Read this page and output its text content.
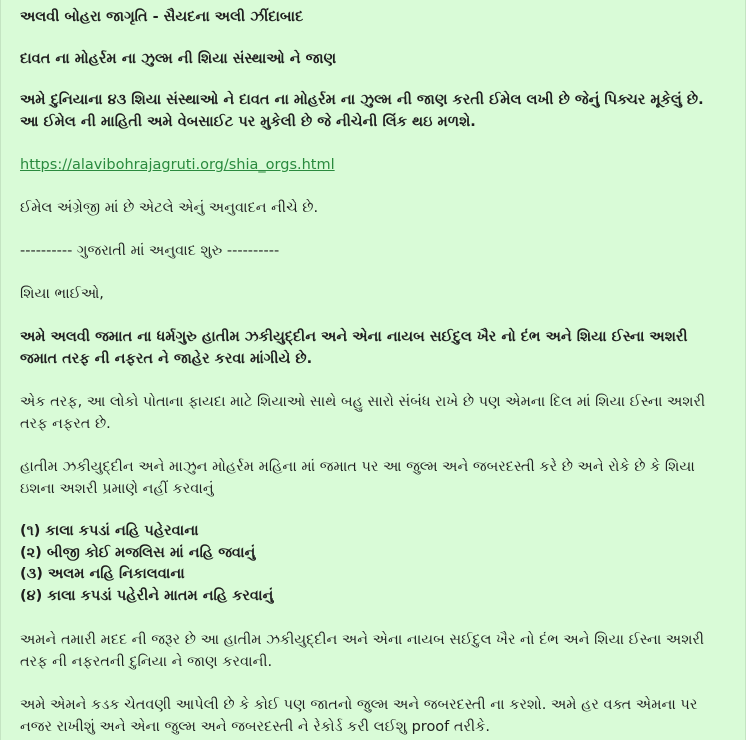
અલવી બોહરા જાગૃતિ - સૈયદના અલી ઝીંદાબાદ

દાવત ના મોહર્રમ ના ઝુલ્મ ની શિયા સંસ્થાઓ ને જાણ

અમે દુનિયાના ૪૩ શિયા સંસ્થાઓ ને દાવત ના મોહર્રમ ના ઝુલ્મ ની જાણ કરતી ઈમેલ લખી છે જેનું પિક્ચર મૂકેલું છે. આ ઈમેલ ની માહિતી અમે વેબસાઈટ પર મુકેલી છે જે નીચેની લિંક થઇ મળશે.

https://alavibohrajagruti.org/shia_orgs.html

ઈમેલ અંગ્રેજી માં છે એટલે એનું અનુવાદન નીચે છે.

---------- ગુજરાતી માં અનુવાદ શુરુ ----------

શિયા ભાઈઓ,

અમે અલવી જમાત ના ધર્મગુરુ હાતીમ ઝકીયુદ્દીન અને એના નાયબ સઈદુલ ખૈર નો દંભ અને શિયા ઈસ્ના અશરી જમાત તરફ ની નફરત ને જાહેર કરવા માંગીયે છે.

એક તરફ, આ લોકો પોતાના ફાયદા માટે શિયાઓ સાથે બહુ સારો સંબંધ રાખે છે પણ એમના દિલ માં શિયા ઈસ્ના અશરી તરફ નફરત છે.

હાતીમ ઝકીયુદ્દીન અને માઝુન મોહર્રમ મહિના માં જમાત પર આ જુલ્મ અને જબરદસ્તી કરે છે અને રોકે છે કે શિયા ઇશના અશરી પ્રમાણે નહીં કરવાનું

(૧) કાલા કપડાં નહિ પહેરવાના

(૨) બીજી કોઈ મજલિસ માં નહિ જવાનું

(૩) અલમ નહિ નિકાલવાના

(૪) કાલા કપડાં પહેરીને માતમ નહિ કરવાનું

અમને તમારી મદદ ની જરૂર છે આ હાતીમ ઝકીયુદ્દીન અને એના નાયબ સઈદુલ ખૈર નો દંભ અને શિયા ઈસ્ના અશરી તરફ ની નફરતની દુનિયા ને જાણ કરવાની.

અમે એમને કડક ચેતવણી આપેલી છે કે કોઈ પણ જાતનો જુલ્મ અને જબરદસ્તી ના કરશો. અમે હર વક્ત એમના પર નજર રાખીશું અને એના જુલ્મ અને જબરદસ્તી ને રેકોર્ડ કરી લઈશુ proof તરીકે.
